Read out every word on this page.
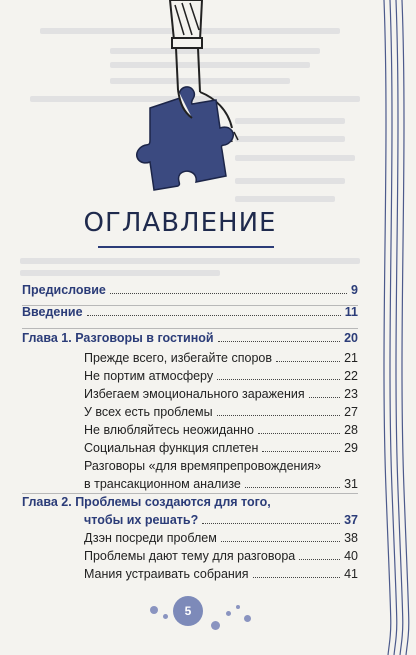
ОГЛАВЛЕНИЕ
Предисловие	9
Введение	11
Глава 1. Разговоры в гостиной	20
Прежде всего, избегайте споров	21
Не портим атмосферу	22
Избегаем эмоционального заражения	23
У всех есть проблемы	27
Не влюбляйтесь неожиданно	28
Социальная функция сплетен	29
Разговоры «для времяпрепровождения»
в трансакционном анализе	31
Глава 2. Проблемы создаются для того,
чтобы их решать?	37
Дзэн посреди проблем	38
Проблемы дают тему для разговора	40
Мания устраивать собрания	41
5
